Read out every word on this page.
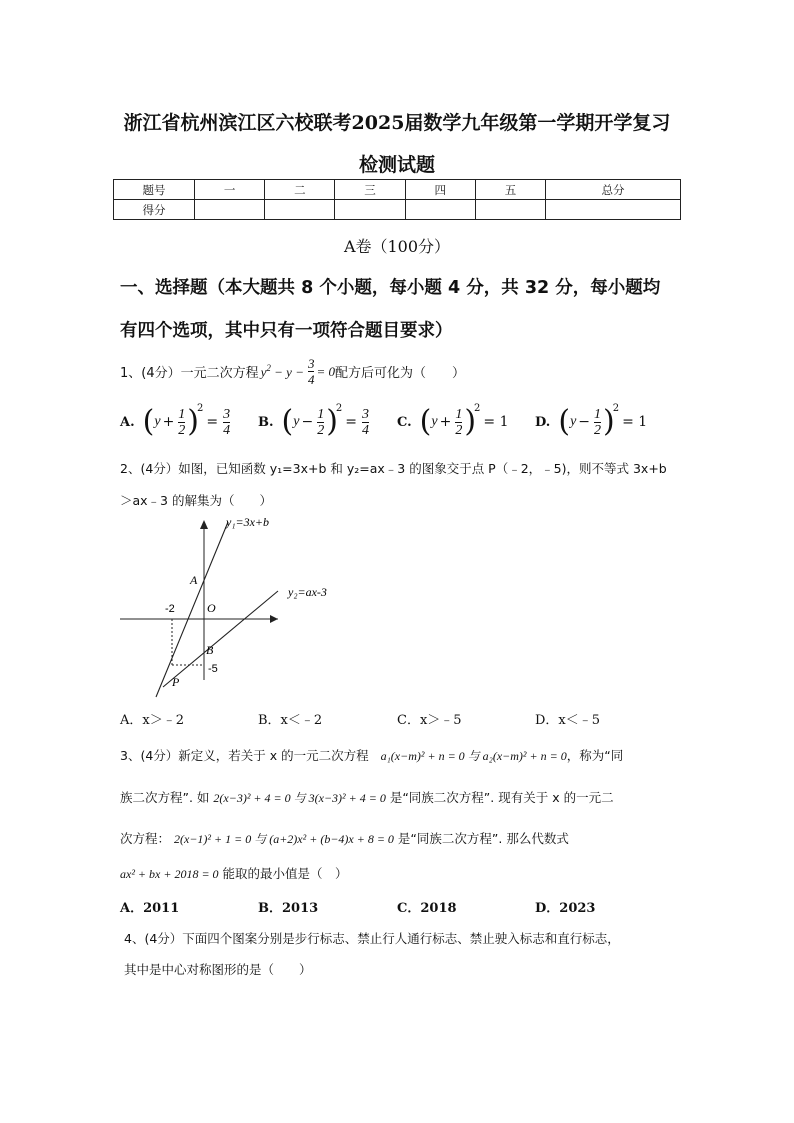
浙江省杭州滨江区六校联考2025届数学九年级第一学期开学复习
检测试题
题号	一	二	三	四	五	总分
得分						
A卷（100分）
一、选择题（本大题共 8 个小题，每小题 4 分，共 32 分，每小题均
有四个选项，其中只有一项符合题目要求）
1、(4分）一元二次方程 $y^2 - y - \frac{3}{4} = 0$ 配方后可化为（　　）
A. ( $y + \frac{1}{2}$ )
2
= $\frac{3}{4} B$. ( $y - \frac{1}{2}$ )
2
= $\frac{3}{4} C$. ( $y + \frac{1}{2}$ )
2
= 1 D. ( $y - \frac{1}{2}$ )
2
= 1
2、(4分）如图，已知函数 y₁=3x+b 和 y₂=ax﹣3 的图象交于点 P（﹣2，﹣5)，则不等式 3x+b
＞ax﹣3 的解集为（　　）
y₁=3x+b
y₂=ax-3
A
O
B
P
-2
-5
A．x＞﹣2	B．x＜﹣2	C．x＞﹣5	D．x＜﹣5
3、(4分）新定义，若关于 x 的一元二次方程 a₁(x−m)² + n = 0 与 a₂(x−m)² + n = 0，称为“同
族二次方程”. 如 2(x−3)² + 4 = 0 与 3(x−3)² + 4 = 0 是“同族二次方程”. 现有关于 x 的一元二
次方程： 2(x−1)² + 1 = 0 与 (a+2)x² + (b−4)x + 8 = 0 是“同族二次方程”. 那么代数式
ax² + bx + 2018 = 0 能取的最小值是（　）
A．2011	B．2013	C．2018	D．2023
4、(4分）下面四个图案分别是步行标志、禁止行人通行标志、禁止驶入标志和直行标志，
其中是中心对称图形的是（　　）
